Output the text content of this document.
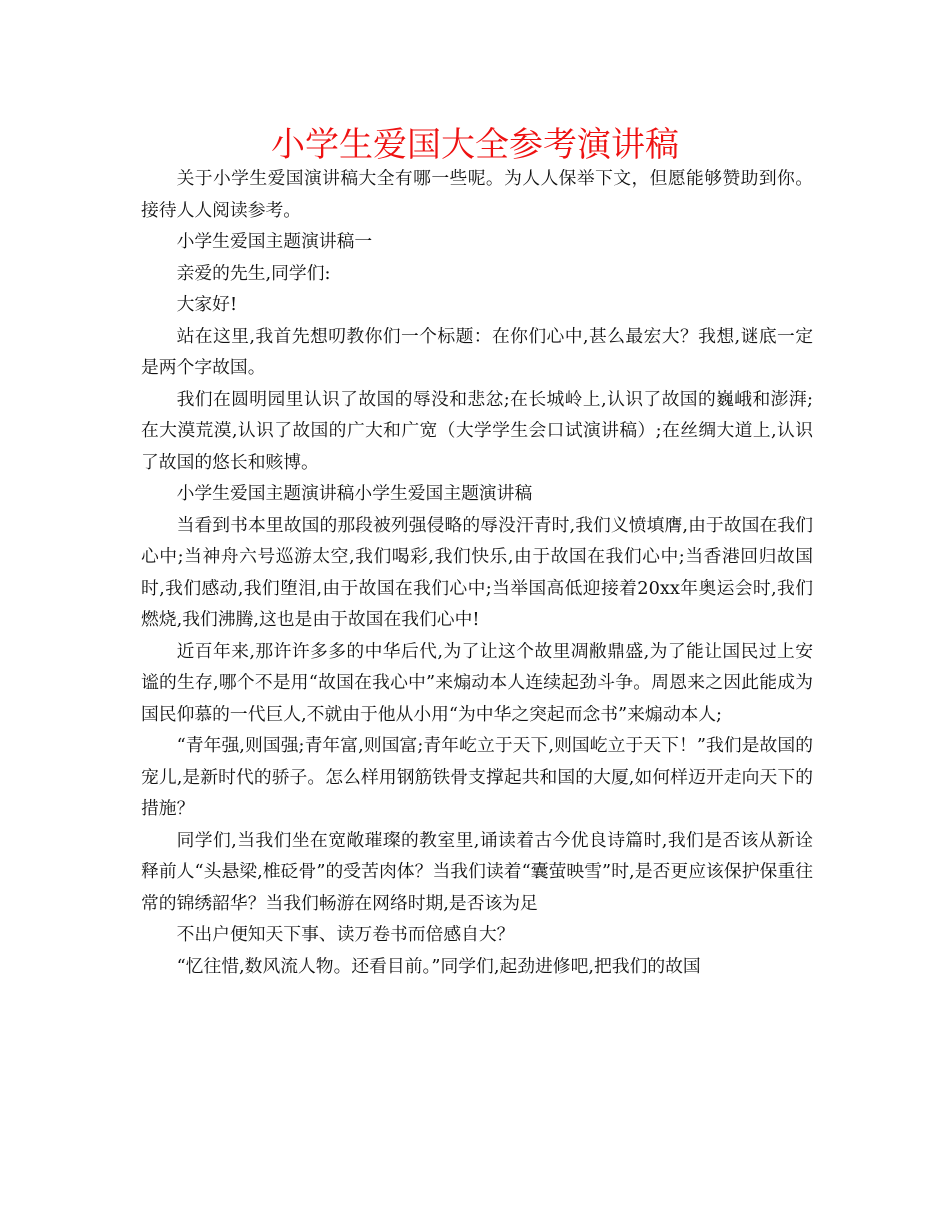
小学生爱国大全参考演讲稿

关于小学生爱国演讲稿大全有哪一些呢。为人人保举下文，但愿能够赞助到你。接待人人阅读参考。

小学生爱国主题演讲稿一

亲爱的先生,同学们:

大家好!

站在这里,我首先想叨教你们一个标题：在你们心中,甚么最宏大？我想,谜底一定是两个字故国。

我们在圆明园里认识了故国的辱没和悲忿;在长城岭上,认识了故国的巍峨和澎湃;在大漠荒漠,认识了故国的广大和广宽（大学学生会口试演讲稿）;在丝绸大道上,认识了故国的悠长和赅博。

小学生爱国主题演讲稿小学生爱国主题演讲稿

当看到书本里故国的那段被列强侵略的辱没汗青时,我们义愤填膺,由于故国在我们心中;当神舟六号巡游太空,我们喝彩,我们快乐,由于故国在我们心中;当香港回归故国时,我们感动,我们堕泪,由于故国在我们心中;当举国高低迎接着20xx年奥运会时,我们燃烧,我们沸腾,这也是由于故国在我们心中!

近百年来,那许许多多的中华后代,为了让这个故里凋敝鼎盛,为了能让国民过上安谧的生存,哪个不是用“故国在我心中”来煽动本人连续起劲斗争。周恩来之因此能成为国民仰慕的一代巨人,不就由于他从小用“为中华之突起而念书”来煽动本人;

“青年强,则国强;青年富,则国富;青年屹立于天下,则国屹立于天下！”我们是故国的宠儿,是新时代的骄子。怎么样用钢筋铁骨支撑起共和国的大厦,如何样迈开走向天下的措施？

同学们,当我们坐在宽敞璀璨的教室里,诵读着古今优良诗篇时,我们是否该从新诠释前人“头悬梁,椎砭骨”的受苦肉体？当我们读着“囊萤映雪”时,是否更应该保护保重往常的锦绣韶华？当我们畅游在网络时期,是否该为足

不出户便知天下事、读万卷书而倍感自大？

“忆往惜,数风流人物。还看目前。”同学们,起劲进修吧,把我们的故国
